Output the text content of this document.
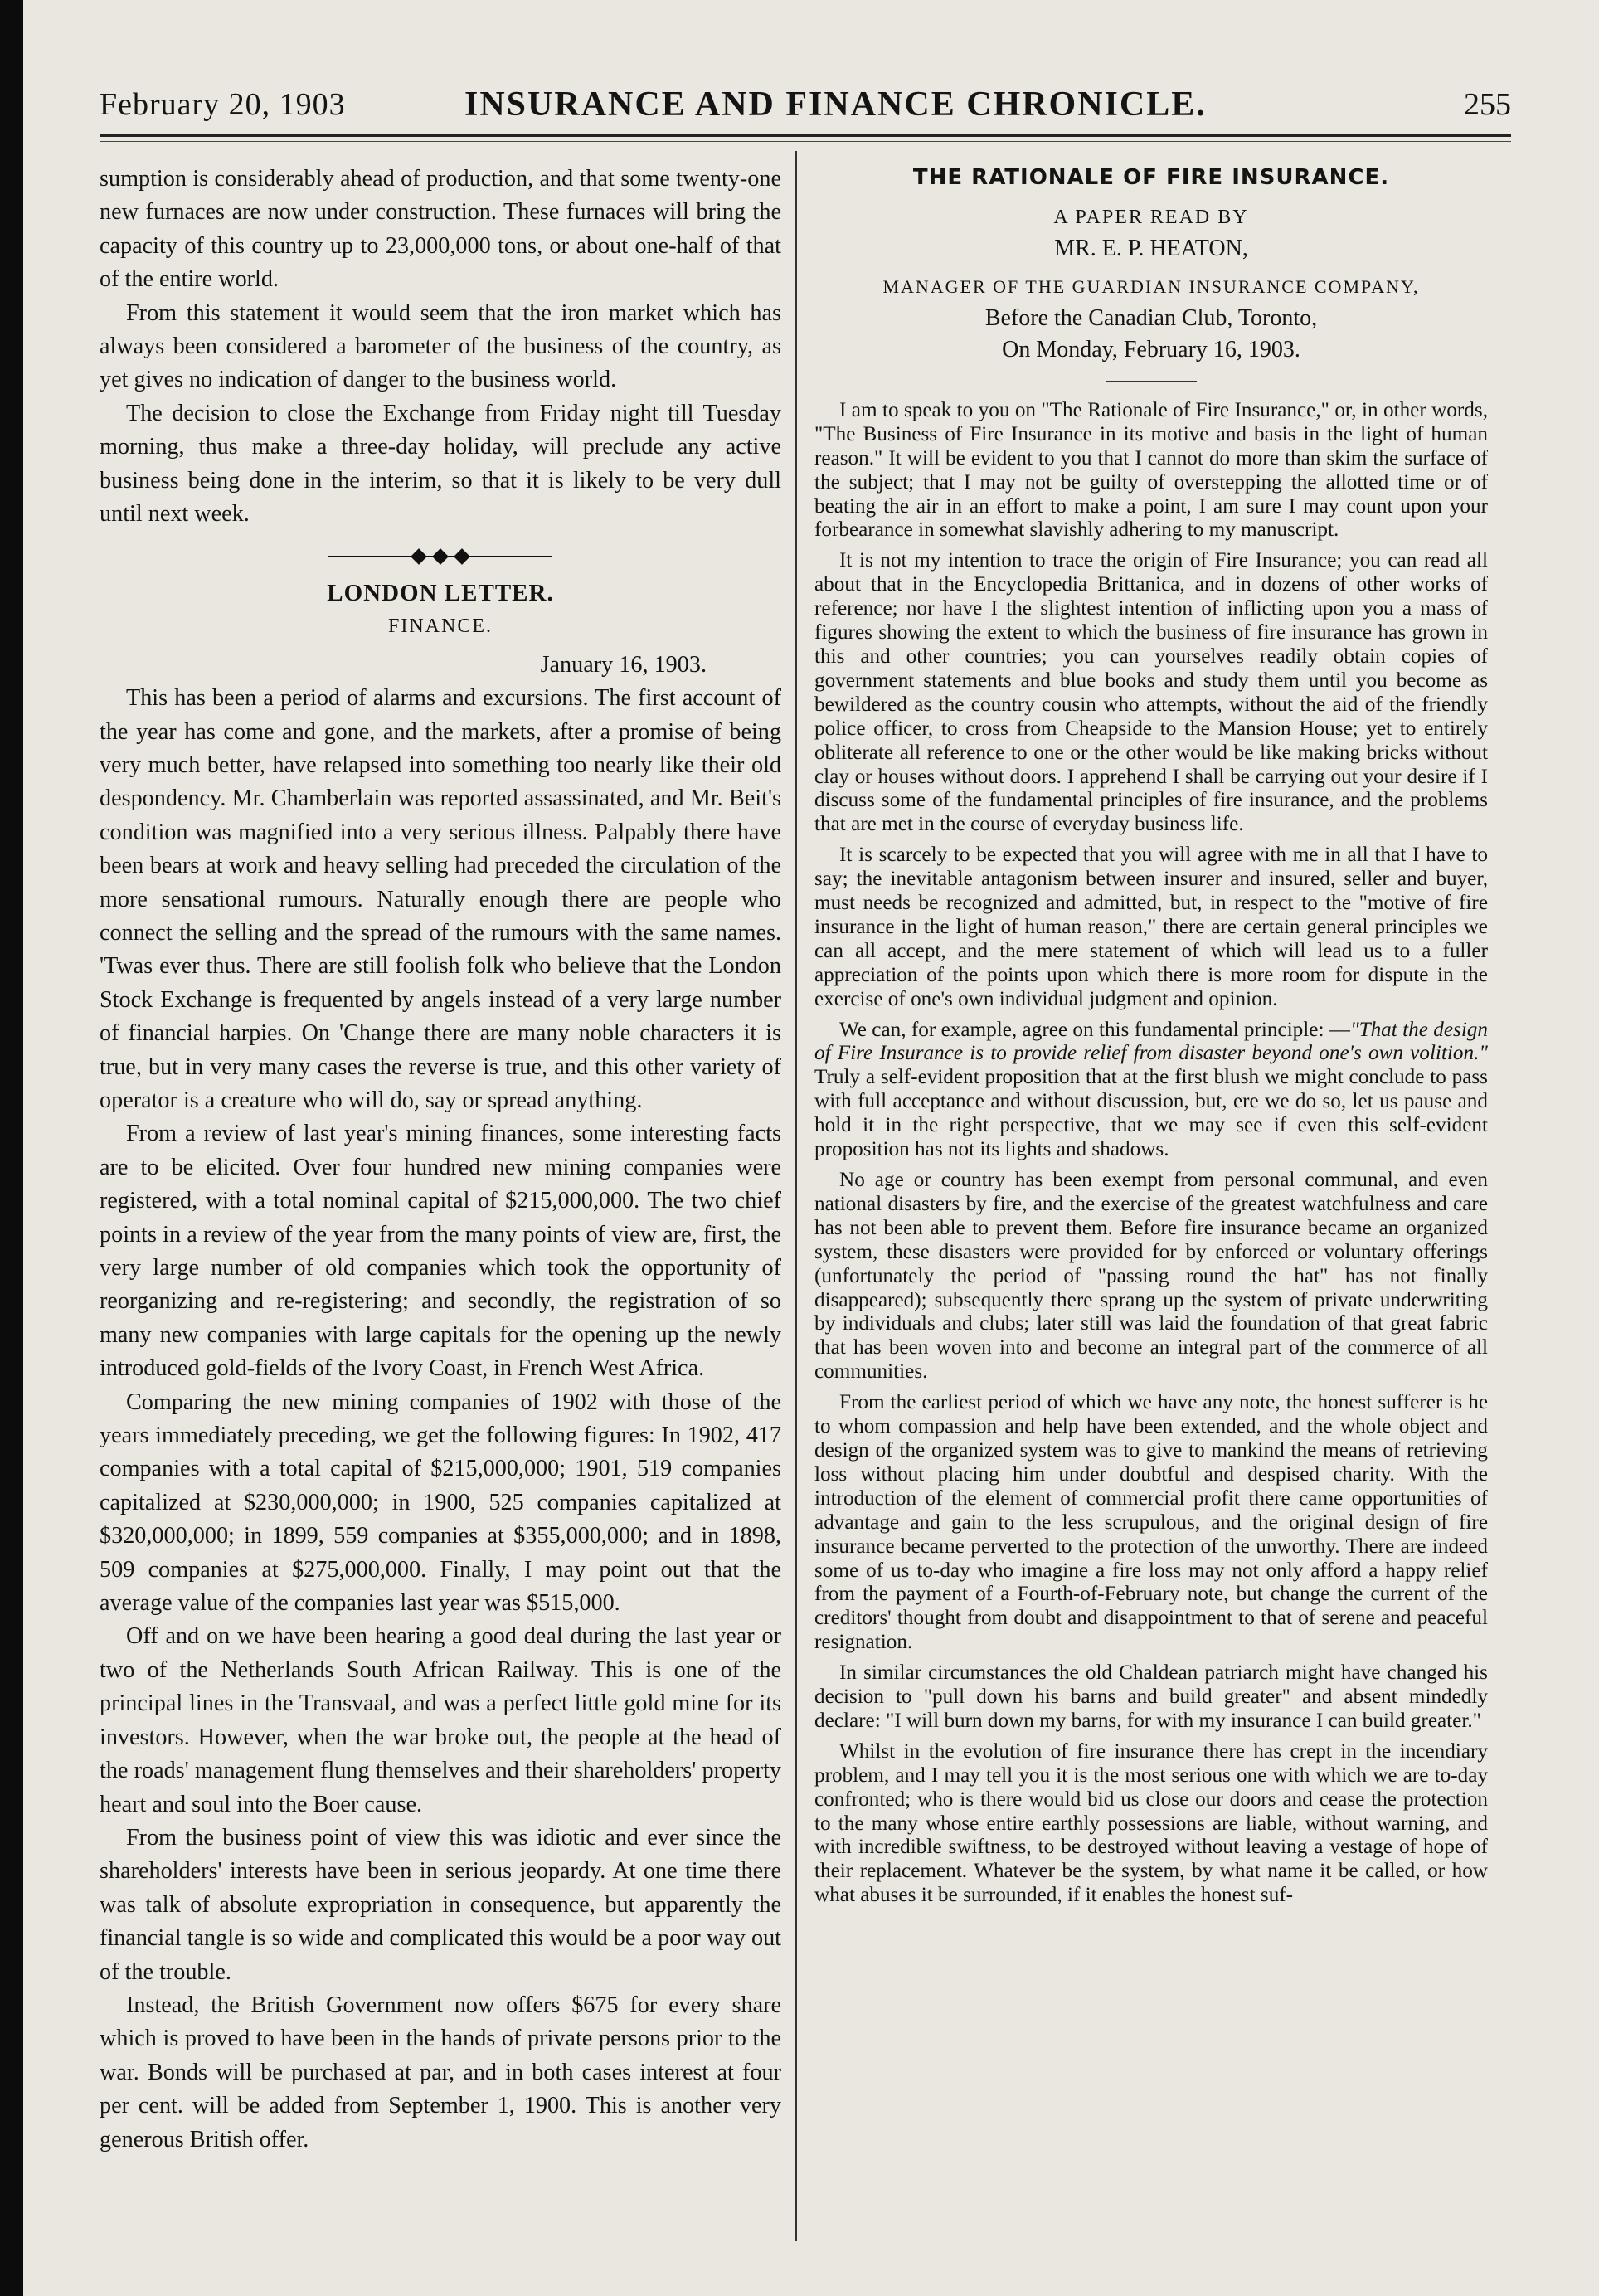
February 20, 1903	INSURANCE AND FINANCE CHRONICLE.	255

sumption is considerably ahead of production, and that some twenty-one new furnaces are now under construction. These furnaces will bring the capacity of this country up to 23,000,000 tons, or about one-half of that of the entire world.

From this statement it would seem that the iron market which has always been considered a barometer of the business of the country, as yet gives no indication of danger to the business world.

The decision to close the Exchange from Friday night till Tuesday morning, thus make a three-day holiday, will preclude any active business being done in the interim, so that it is likely to be very dull until next week.

LONDON LETTER.
FINANCE.

January 16, 1903.

This has been a period of alarms and excursions. The first account of the year has come and gone, and the markets, after a promise of being very much better, have relapsed into something too nearly like their old despondency. Mr. Chamberlain was reported assassinated, and Mr. Beit's condition was magnified into a very serious illness. Palpably there have been bears at work and heavy selling had preceded the circulation of the more sensational rumours. Naturally enough there are people who connect the selling and the spread of the rumours with the same names. 'Twas ever thus. There are still foolish folk who believe that the London Stock Exchange is frequented by angels instead of a very large number of financial harpies. On 'Change there are many noble characters it is true, but in very many cases the reverse is true, and this other variety of operator is a creature who will do, say or spread anything.

From a review of last year's mining finances, some interesting facts are to be elicited. Over four hundred new mining companies were registered, with a total nominal capital of $215,000,000. The two chief points in a review of the year from the many points of view are, first, the very large number of old companies which took the opportunity of reorganizing and re-registering; and secondly, the registration of so many new companies with large capitals for the opening up the newly introduced gold-fields of the Ivory Coast, in French West Africa.

Comparing the new mining companies of 1902 with those of the years immediately preceding, we get the following figures: In 1902, 417 companies with a total capital of $215,000,000; 1901, 519 companies capitalized at $230,000,000; in 1900, 525 companies capitalized at $320,000,000; in 1899, 559 companies at $355,000,000; and in 1898, 509 companies at $275,000,000. Finally, I may point out that the average value of the companies last year was $515,000.

Off and on we have been hearing a good deal during the last year or two of the Netherlands South African Railway. This is one of the principal lines in the Transvaal, and was a perfect little gold mine for its investors. However, when the war broke out, the people at the head of the roads' management flung themselves and their shareholders' property heart and soul into the Boer cause.

From the business point of view this was idiotic and ever since the shareholders' interests have been in serious jeopardy. At one time there was talk of absolute expropriation in consequence, but apparently the financial tangle is so wide and complicated this would be a poor way out of the trouble.

Instead, the British Government now offers $675 for every share which is proved to have been in the hands of private persons prior to the war. Bonds will be purchased at par, and in both cases interest at four per cent. will be added from September 1, 1900. This is another very generous British offer.

THE RATIONALE OF FIRE INSURANCE.

A PAPER READ BY

MR. E. P. HEATON,

MANAGER OF THE GUARDIAN INSURANCE COMPANY,

Before the Canadian Club, Toronto,

On Monday, February 16, 1903.

I am to speak to you on "The Rationale of Fire Insurance," or, in other words, "The Business of Fire Insurance in its motive and basis in the light of human reason." It will be evident to you that I cannot do more than skim the surface of the subject; that I may not be guilty of overstepping the allotted time or of beating the air in an effort to make a point, I am sure I may count upon your forbearance in somewhat slavishly adhering to my manuscript.

It is not my intention to trace the origin of Fire Insurance; you can read all about that in the Encyclopedia Brittanica, and in dozens of other works of reference; nor have I the slightest intention of inflicting upon you a mass of figures showing the extent to which the business of fire insurance has grown in this and other countries; you can yourselves readily obtain copies of government statements and blue books and study them until you become as bewildered as the country cousin who attempts, without the aid of the friendly police officer, to cross from Cheapside to the Mansion House; yet to entirely obliterate all reference to one or the other would be like making bricks without clay or houses without doors. I apprehend I shall be carrying out your desire if I discuss some of the fundamental principles of fire insurance, and the problems that are met in the course of everyday business life.

It is scarcely to be expected that you will agree with me in all that I have to say; the inevitable antagonism between insurer and insured, seller and buyer, must needs be recognized and admitted, but, in respect to the "motive of fire insurance in the light of human reason," there are certain general principles we can all accept, and the mere statement of which will lead us to a fuller appreciation of the points upon which there is more room for dispute in the exercise of one's own individual judgment and opinion.

We can, for example, agree on this fundamental principle: —"That the design of Fire Insurance is to provide relief from disaster beyond one's own volition." Truly a self-evident proposition that at the first blush we might conclude to pass with full acceptance and without discussion, but, ere we do so, let us pause and hold it in the right perspective, that we may see if even this self-evident proposition has not its lights and shadows.

No age or country has been exempt from personal communal, and even national disasters by fire, and the exercise of the greatest watchfulness and care has not been able to prevent them. Before fire insurance became an organized system, these disasters were provided for by enforced or voluntary offerings (unfortunately the period of "passing round the hat" has not finally disappeared); subsequently there sprang up the system of private underwriting by individuals and clubs; later still was laid the foundation of that great fabric that has been woven into and become an integral part of the commerce of all communities.

From the earliest period of which we have any note, the honest sufferer is he to whom compassion and help have been extended, and the whole object and design of the organized system was to give to mankind the means of retrieving loss without placing him under doubtful and despised charity. With the introduction of the element of commercial profit there came opportunities of advantage and gain to the less scrupulous, and the original design of fire insurance became perverted to the protection of the unworthy. There are indeed some of us to-day who imagine a fire loss may not only afford a happy relief from the payment of a Fourth-of-February note, but change the current of the creditors' thought from doubt and disappointment to that of serene and peaceful resignation.

In similar circumstances the old Chaldean patriarch might have changed his decision to "pull down his barns and build greater" and absent mindedly declare: "I will burn down my barns, for with my insurance I can build greater."

Whilst in the evolution of fire insurance there has crept in the incendiary problem, and I may tell you it is the most serious one with which we are to-day confronted; who is there would bid us close our doors and cease the protection to the many whose entire earthly possessions are liable, without warning, and with incredible swiftness, to be destroyed without leaving a vestage of hope of their replacement. Whatever be the system, by what name it be called, or how what abuses it be surrounded, if it enables the honest suf-
